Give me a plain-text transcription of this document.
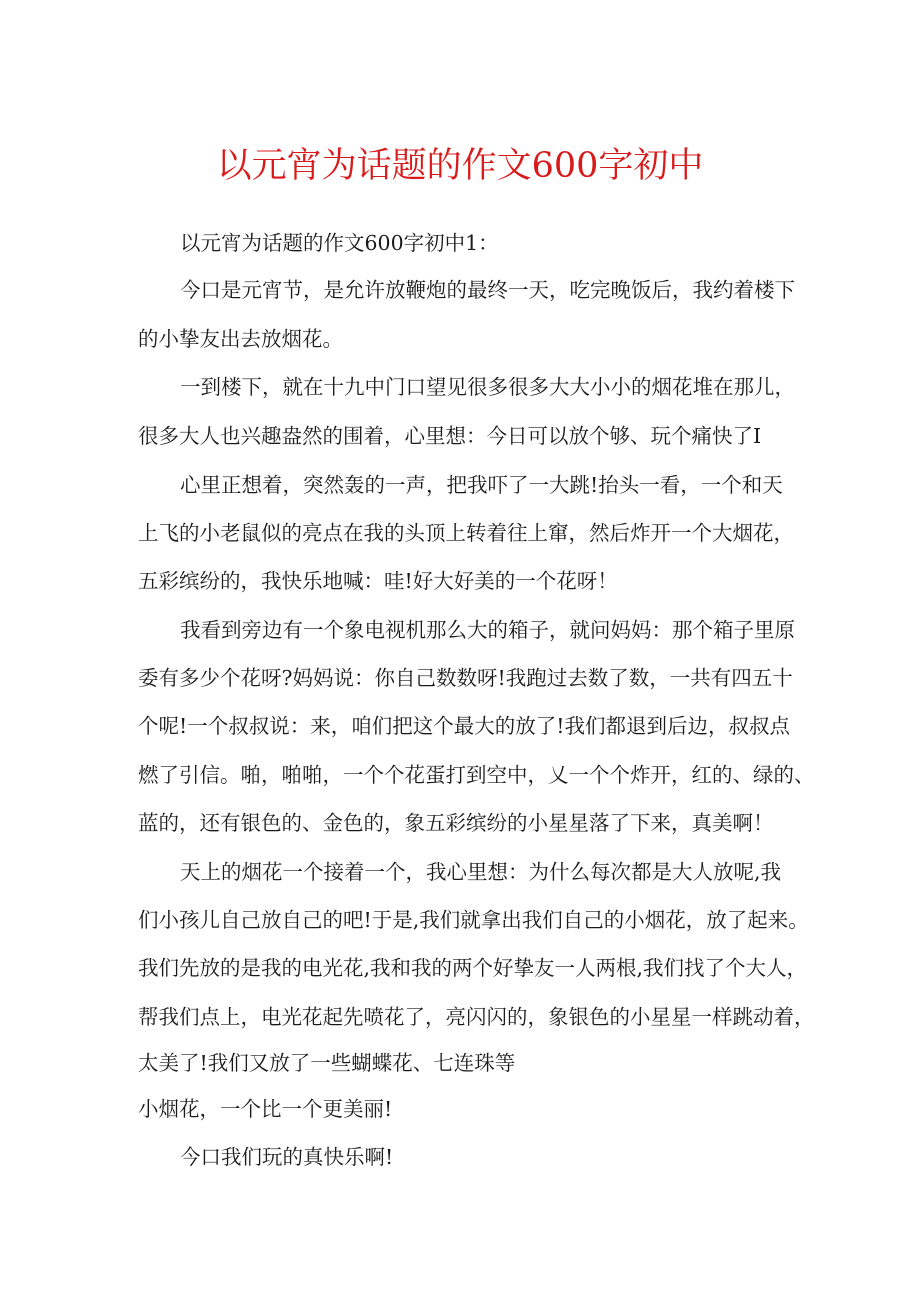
以元宵为话题的作文600字初中

以元宵为话题的作文600字初中1：

今口是元宵节，是允许放鞭炮的最终一天，吃完晚饭后，我约着楼下

的小挚友出去放烟花。

一到楼下，就在十九中门口望见很多很多大大小小的烟花堆在那儿，

很多大人也兴趣盎然的围着，心里想：今日可以放个够、玩个痛快了I

心里正想着，突然轰的一声，把我吓了一大跳!抬头一看，一个和天

上飞的小老鼠似的亮点在我的头顶上转着往上窜，然后炸开一个大烟花，

五彩缤纷的，我快乐地喊：哇!好大好美的一个花呀！

我看到旁边有一个象电视机那么大的箱子，就问妈妈：那个箱子里原

委有多少个花呀?妈妈说：你自己数数呀!我跑过去数了数，一共有四五十

个呢!一个叔叔说：来，咱们把这个最大的放了!我们都退到后边，叔叔点

燃了引信。啪，啪啪，一个个花蛋打到空中，乂一个个炸开，红的、绿的、

蓝的，还有银色的、金色的，象五彩缤纷的小星星落了下来，真美啊！

天上的烟花一个接着一个，我心里想：为什么每次都是大人放呢,我

们小孩儿自己放自己的吧!于是,我们就拿出我们自己的小烟花，放了起来。

我们先放的是我的电光花,我和我的两个好挚友一人两根,我们找了个大人，

帮我们点上，电光花起先喷花了，亮闪闪的，象银色的小星星一样跳动着，

太美了!我们又放了一些蝴蝶花、七连珠等

小烟花，一个比一个更美丽!

今口我们玩的真快乐啊!
